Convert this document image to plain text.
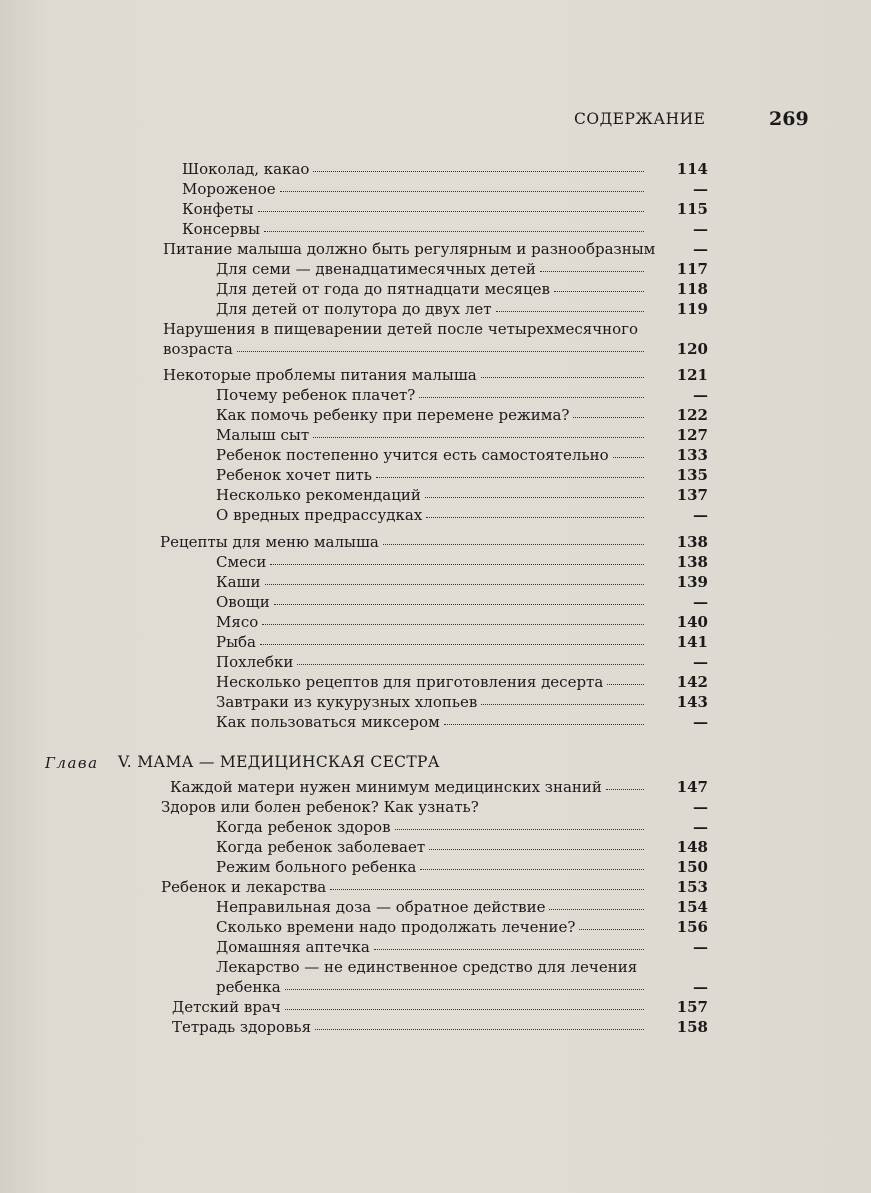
СОДЕРЖАНИЕ	269
Шоколад, какао	114
Мороженое	—
Конфеты	115
Консервы	—
Питание малыша должно быть регулярным и разнообразным	—
Для семи — двенадцатимесячных детей	117
Для детей от года до пятнадцати месяцев	118
Для детей от полутора до двух лет	119
Нарушения в пищеварении детей после четырехмесячного
возраста	120
Некоторые проблемы питания малыша	121
Почему ребенок плачет?	—
Как помочь ребенку при перемене режима?	122
Малыш сыт	127
Ребенок постепенно учится есть самостоятельно	133
Ребенок хочет пить	135
Несколько рекомендаций	137
О вредных предрассудках	—
Рецепты для меню малыша	138
Смеси	138
Каши	139
Овощи	—
Мясо	140
Рыба	141
Похлебки	—
Несколько рецептов для приготовления десерта	142
Завтраки из кукурузных хлопьев	143
Как пользоваться миксером	—
Глава V. МАМА — МЕДИЦИНСКАЯ СЕСТРА
Каждой матери нужен минимум медицинских знаний	147
Здоров или болен ребенок? Как узнать?	—
Когда ребенок здоров	—
Когда ребенок заболевает	148
Режим больного ребенка	150
Ребенок и лекарства	153
Неправильная доза — обратное действие	154
Сколько времени надо продолжать лечение?	156
Домашняя аптечка	—
Лекарство — не единственное средство для лечения
ребенка	—
Детский врач	157
Тетрадь здоровья	158
